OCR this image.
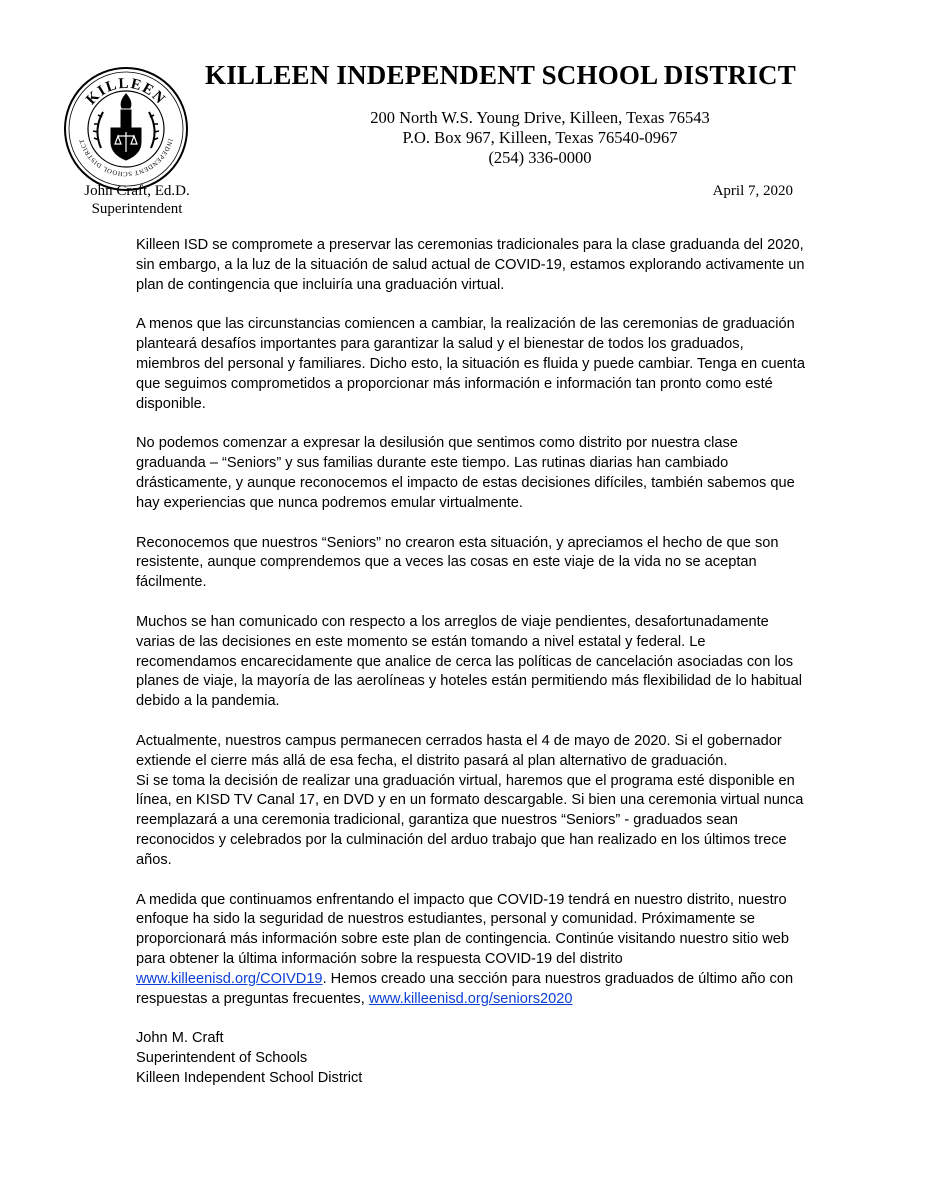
KILLEEN
INDEPENDENT SCHOOL DISTRICT
KILLEEN INDEPENDENT SCHOOL DISTRICT
200 North W.S. Young Drive, Killeen, Texas 76543
P.O. Box 967, Killeen, Texas 76540-0967
(254) 336-0000
John Craft, Ed.D.
Superintendent
April 7, 2020

Killeen ISD se compromete a preservar las ceremonias tradicionales para la clase graduanda del 2020, sin embargo, a la luz de la situación de salud actual de COVID-19, estamos explorando activamente un plan de contingencia que incluiría una graduación virtual.

A menos que las circunstancias comiencen a cambiar, la realización de las ceremonias de graduación planteará desafíos importantes para garantizar la salud y el bienestar de todos los graduados, miembros del personal y familiares. Dicho esto, la situación es fluida y puede cambiar. Tenga en cuenta que seguimos comprometidos a proporcionar más información e información tan pronto como esté disponible.

No podemos comenzar a expresar la desilusión que sentimos como distrito por nuestra clase graduanda – “Seniors” y sus familias durante este tiempo. Las rutinas diarias han cambiado drásticamente, y aunque reconocemos el impacto de estas decisiones difíciles, también sabemos que hay experiencias que nunca podremos emular virtualmente.

Reconocemos que nuestros “Seniors” no crearon esta situación, y apreciamos el hecho de que son resistente, aunque comprendemos que a veces las cosas en este viaje de la vida no se aceptan fácilmente.

Muchos se han comunicado con respecto a los arreglos de viaje pendientes, desafortunadamente varias de las decisiones en este momento se están tomando a nivel estatal y federal. Le recomendamos encarecidamente que analice de cerca las políticas de cancelación asociadas con los planes de viaje, la mayoría de las aerolíneas y hoteles están permitiendo más flexibilidad de lo habitual debido a la pandemia.

Actualmente, nuestros campus permanecen cerrados hasta el 4 de mayo de 2020. Si el gobernador extiende el cierre más allá de esa fecha, el distrito pasará al plan alternativo de graduación.
Si se toma la decisión de realizar una graduación virtual, haremos que el programa esté disponible en línea, en KISD TV Canal 17, en DVD y en un formato descargable. Si bien una ceremonia virtual nunca reemplazará a una ceremonia tradicional, garantiza que nuestros “Seniors” - graduados sean reconocidos y celebrados por la culminación del arduo trabajo que han realizado en los últimos trece años.

A medida que continuamos enfrentando el impacto que COVID-19 tendrá en nuestro distrito, nuestro enfoque ha sido la seguridad de nuestros estudiantes, personal y comunidad. Próximamente se proporcionará más información sobre este plan de contingencia. Continúe visitando nuestro sitio web para obtener la última información sobre la respuesta COVID-19 del distrito www.killeenisd.org/COIVD19. Hemos creado una sección para nuestros graduados de último año con respuestas a preguntas frecuentes, www.killeenisd.org/seniors2020

John M. Craft
Superintendent of Schools
Killeen Independent School District
